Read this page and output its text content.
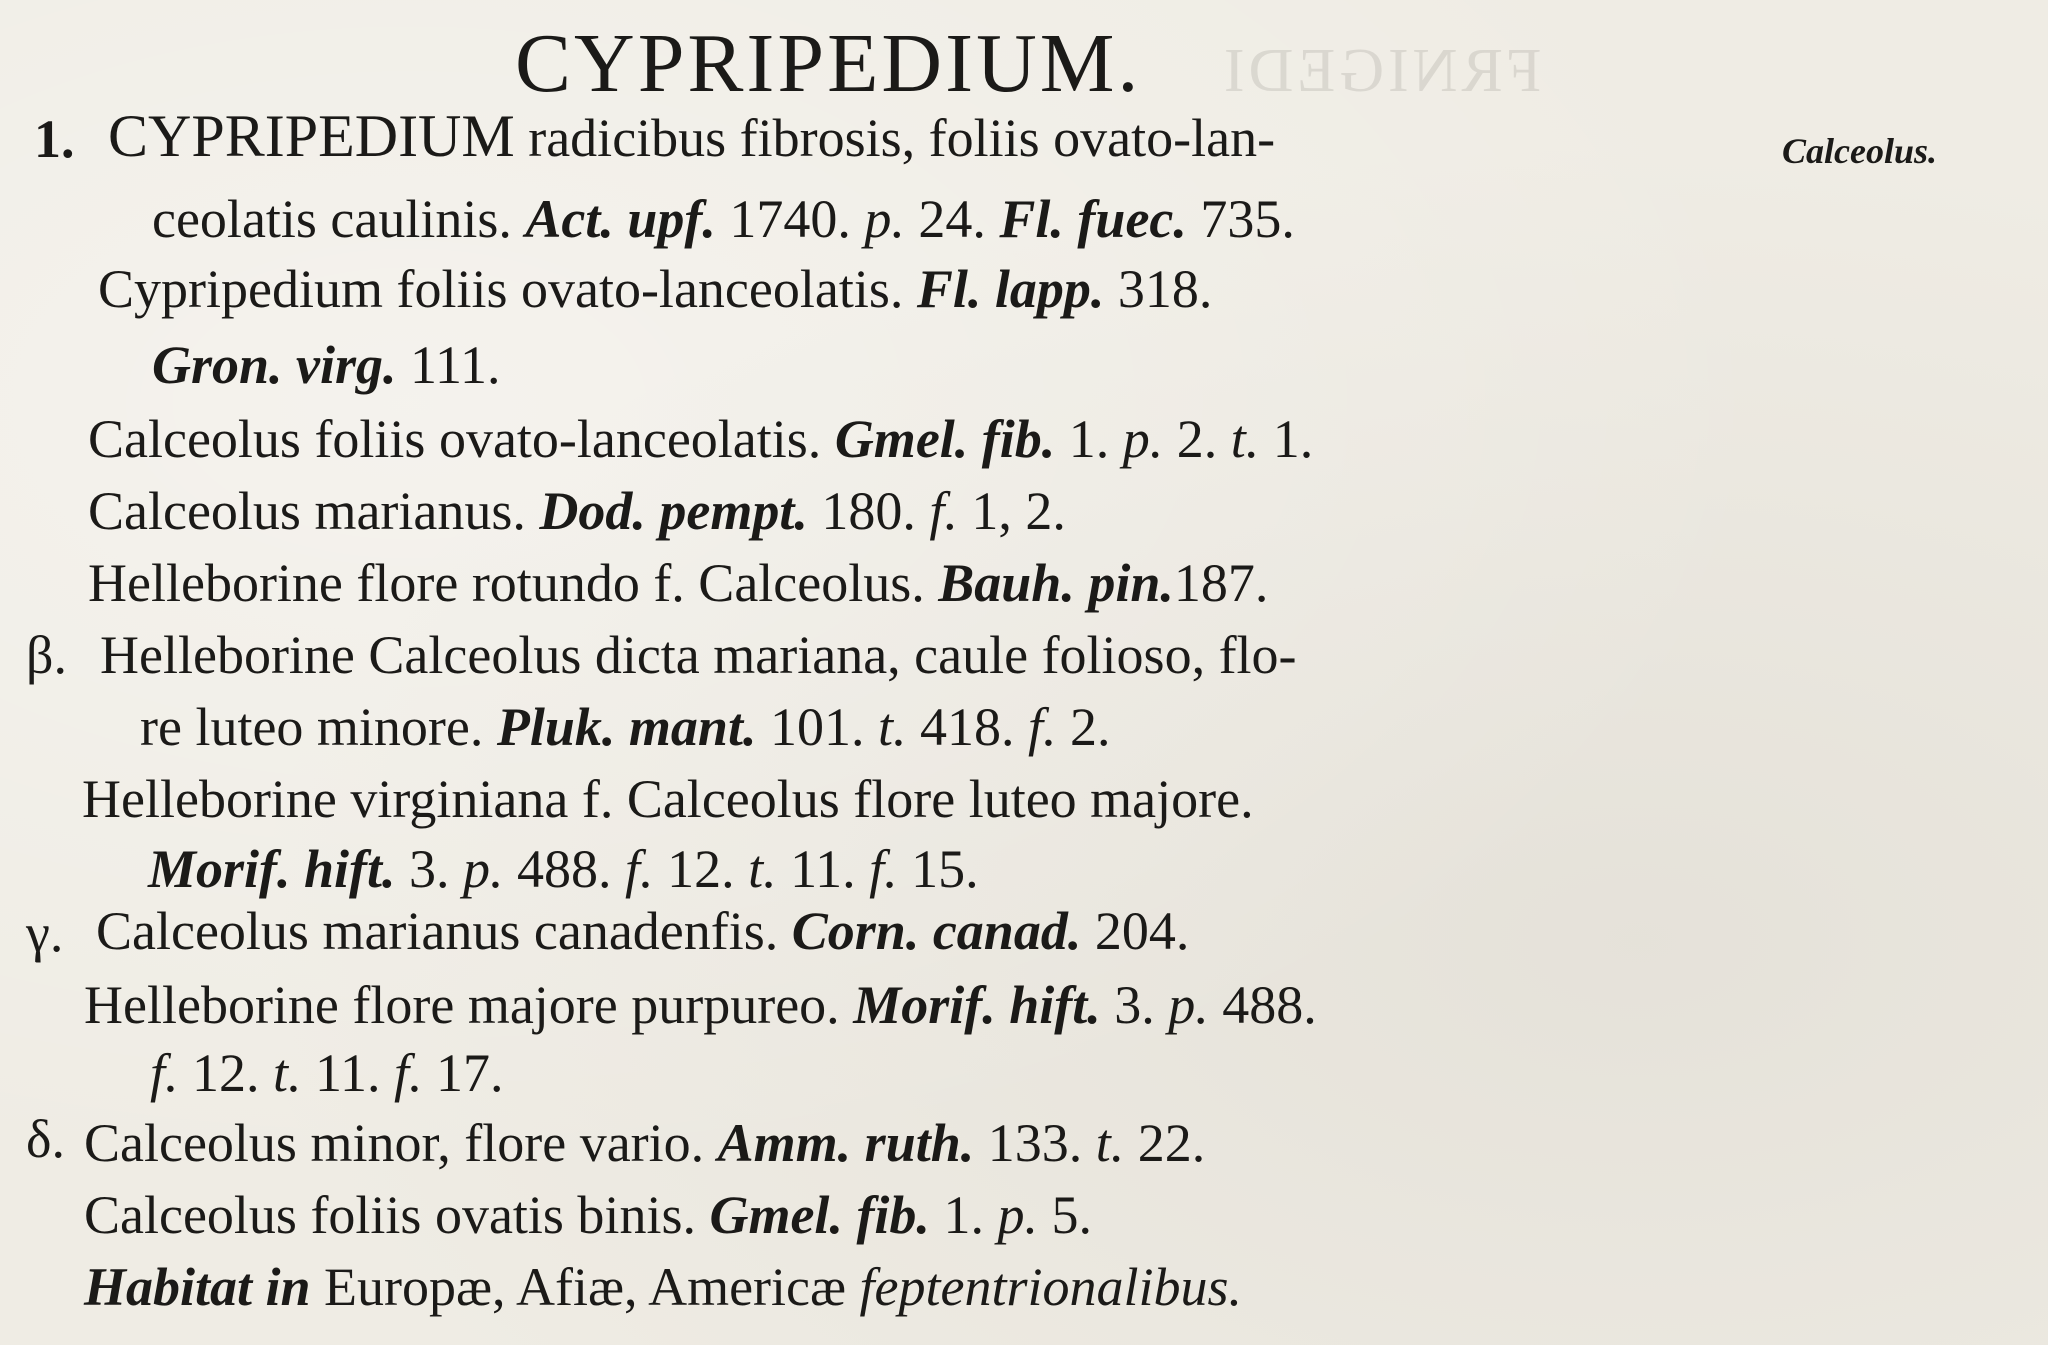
FRNIGEDI
CYPRIPEDIUM.
Calceolus.
1. CYPRIPEDIUM radicibus fibrosis, foliis ovato-lan-
ceolatis caulinis. Act. upf. 1740. p. 24. Fl. fuec. 735.
Cypripedium foliis ovato-lanceolatis. Fl. lapp. 318.
Gron. virg. 111.
Calceolus foliis ovato-lanceolatis. Gmel. fib. 1. p. 2. t. 1.
Calceolus marianus. Dod. pempt. 180. f. 1, 2.
Helleborine flore rotundo f. Calceolus. Bauh. pin.187.
β. Helleborine Calceolus dicta mariana, caule folioso, flo-
re luteo minore. Pluk. mant. 101. t. 418. f. 2.
Helleborine virginiana f. Calceolus flore luteo majore.
Morif. hift. 3. p. 488. f. 12. t. 11. f. 15.
γ. Calceolus marianus canadenfis. Corn. canad. 204.
Helleborine flore majore purpureo. Morif. hift. 3. p. 488.
f. 12. t. 11. f. 17.
δ. Calceolus minor, flore vario. Amm. ruth. 133. t. 22.
Calceolus foliis ovatis binis. Gmel. fib. 1. p. 5.
Habitat in Europæ, Afiæ, Americæ feptentrionalibus.
